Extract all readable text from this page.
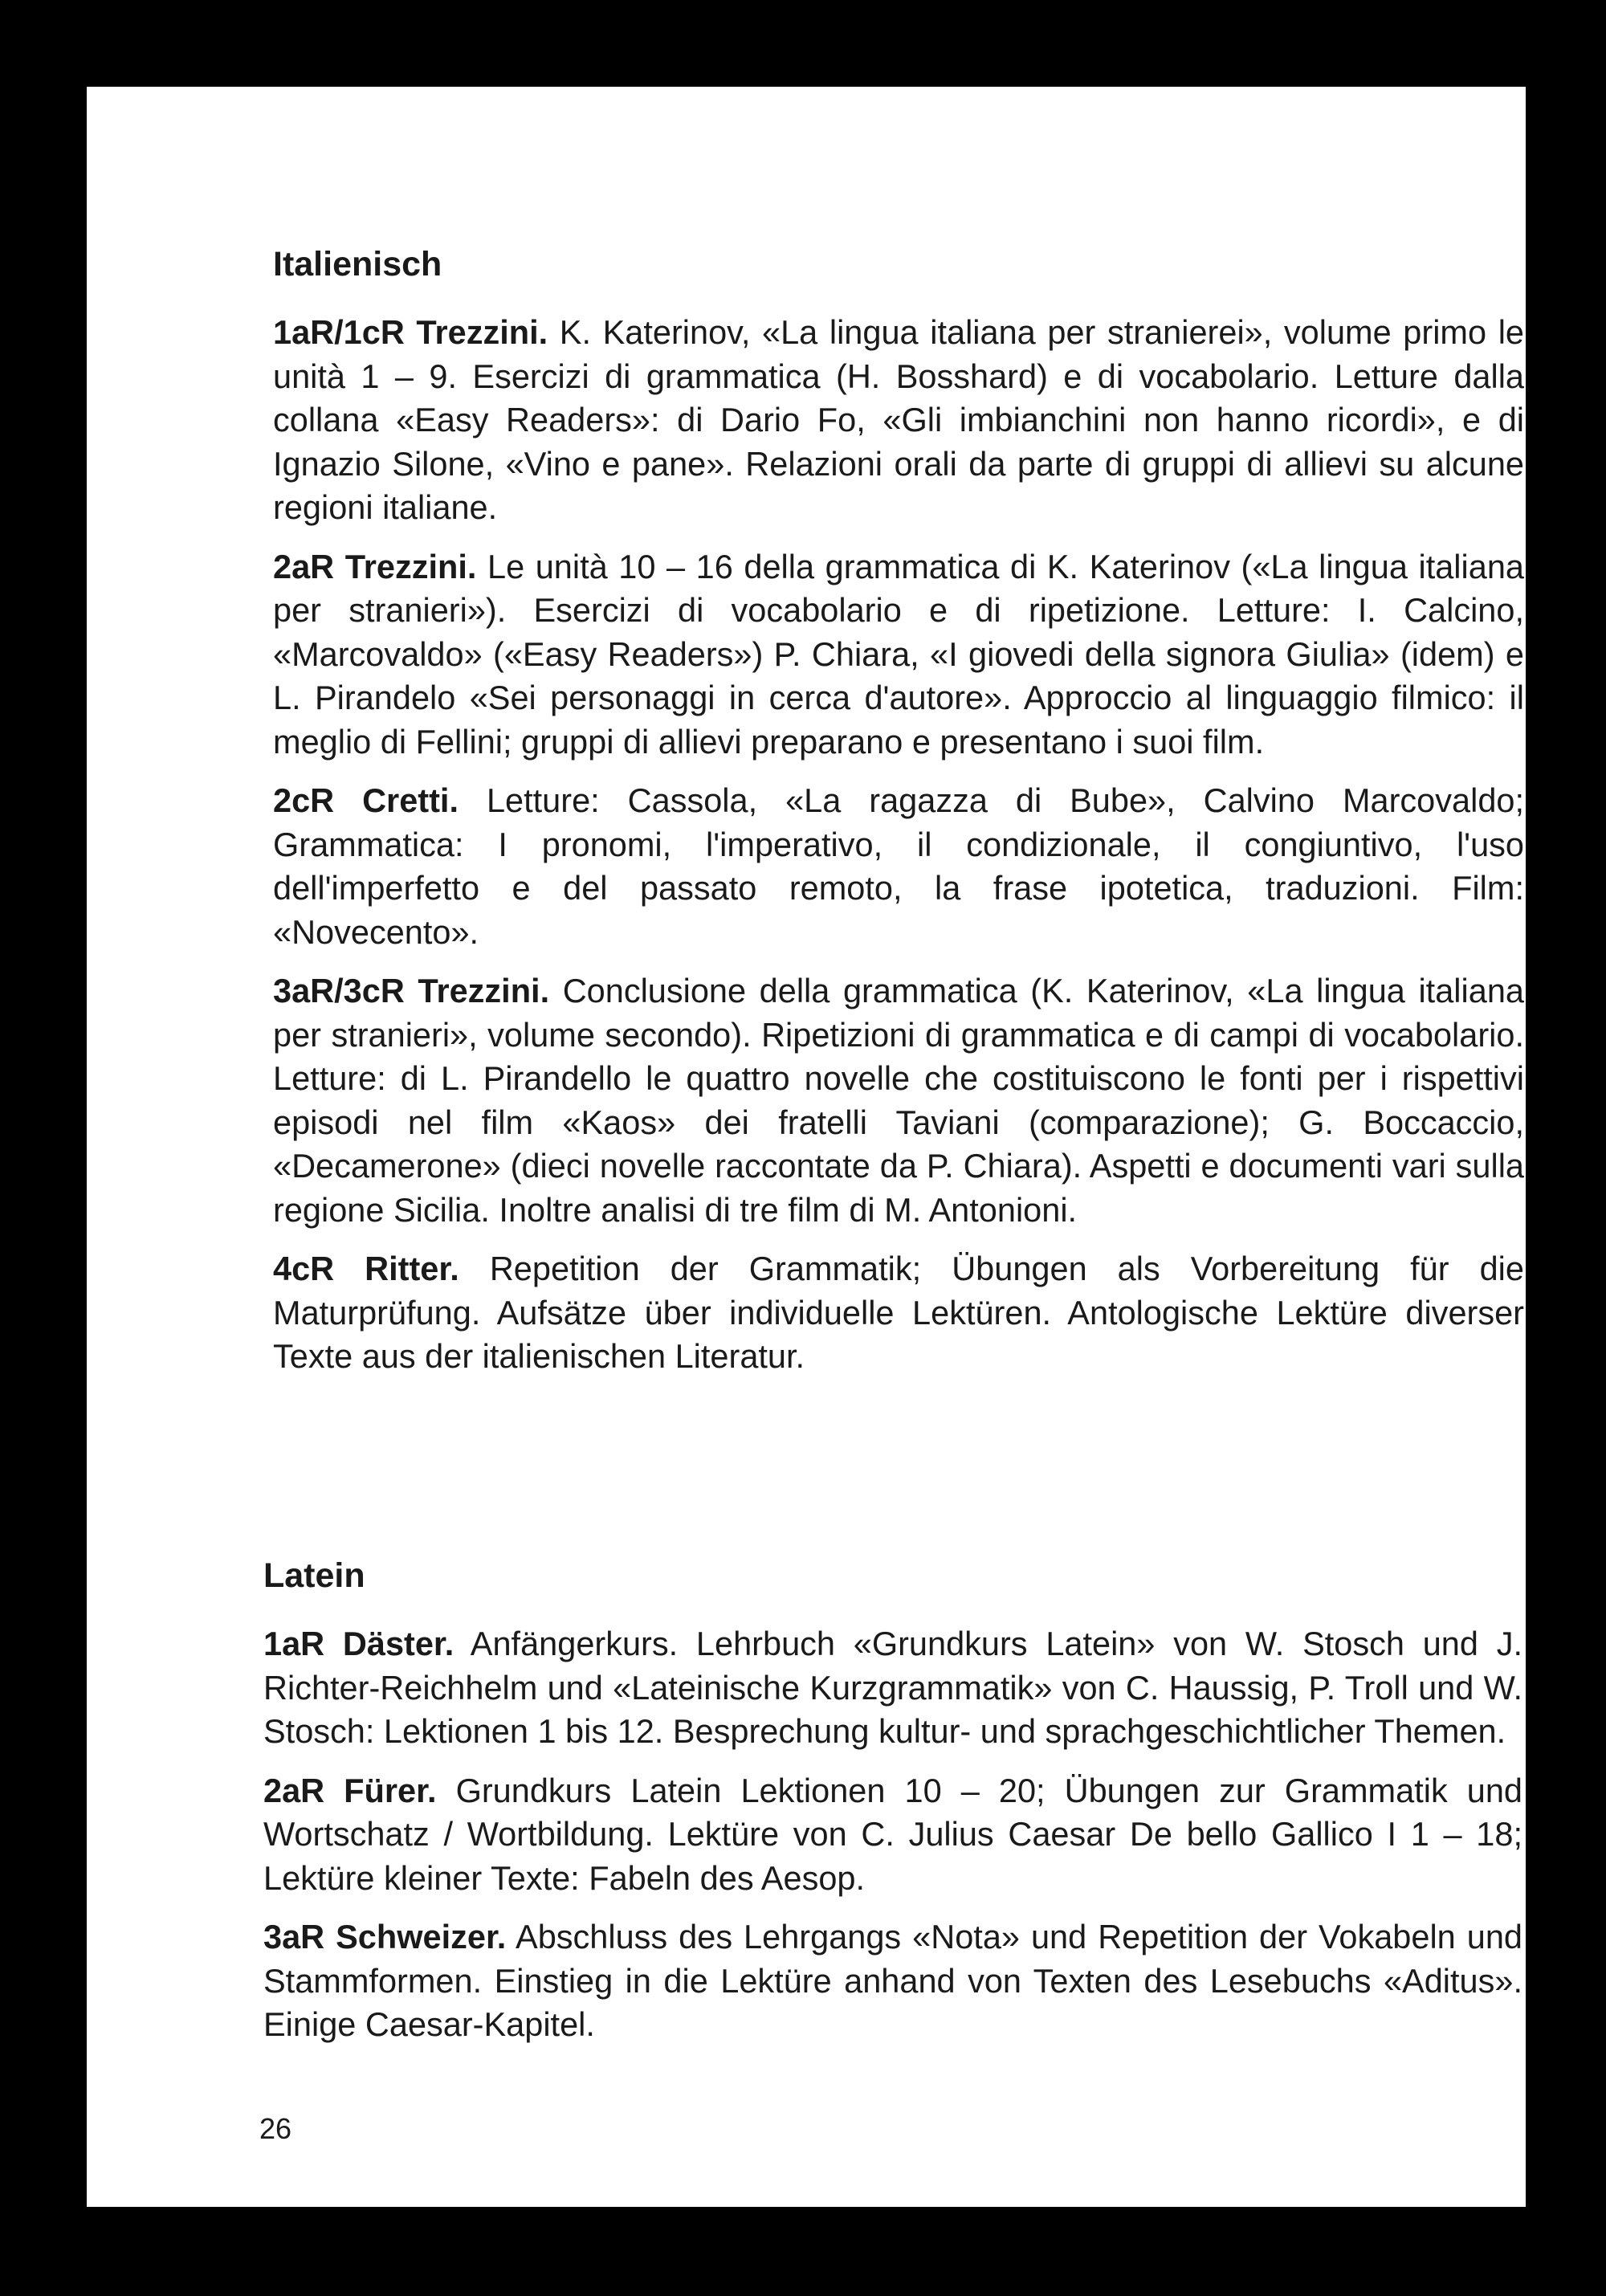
Italienisch

1aR/1cR Trezzini. K. Katerinov, «La lingua italiana per stranierei», volume primo le unità 1 – 9. Esercizi di grammatica (H. Bosshard) e di vocabolario. Letture dalla collana «Easy Readers»: di Dario Fo, «Gli imbianchini non hanno ricordi», e di Ignazio Silone, «Vino e pane». Relazioni orali da parte di gruppi di allievi su alcune regioni italiane.

2aR Trezzini. Le unità 10 – 16 della grammatica di K. Katerinov («La lingua italiana per stranieri»). Esercizi di vocabolario e di ripetizione. Letture: I. Calcino, «Marcovaldo» («Easy Readers») P. Chiara, «I giovedi della signora Giulia» (idem) e L. Pirandelo «Sei personaggi in cerca d'autore». Approccio al linguaggio filmico: il meglio di Fellini; gruppi di allievi preparano e presentano i suoi film.

2cR Cretti. Letture: Cassola, «La ragazza di Bube», Calvino Marcovaldo; Grammatica: I pronomi, l'imperativo, il condizionale, il congiuntivo, l'uso dell'imperfetto e del passato remoto, la frase ipotetica, traduzioni. Film: «Novecento».

3aR/3cR Trezzini. Conclusione della grammatica (K. Katerinov, «La lingua italiana per stranieri», volume secondo). Ripetizioni di grammatica e di campi di vocabolario. Letture: di L. Pirandello le quattro novelle che costituiscono le fonti per i rispettivi episodi nel film «Kaos» dei fratelli Taviani (comparazione); G. Boccaccio, «Decamerone» (dieci novelle raccontate da P. Chiara). Aspetti e documenti vari sulla regione Sicilia. Inoltre analisi di tre film di M. Antonioni.

4cR Ritter. Repetition der Grammatik; Übungen als Vorbereitung für die Maturprüfung. Aufsätze über individuelle Lektüren. Antologische Lektüre diverser Texte aus der italienischen Literatur.

Latein

1aR Däster. Anfängerkurs. Lehrbuch «Grundkurs Latein» von W. Stosch und J. Richter-Reichhelm und «Lateinische Kurzgrammatik» von C. Haussig, P. Troll und W. Stosch: Lektionen 1 bis 12. Besprechung kultur- und sprachgeschichtlicher Themen.

2aR Fürer. Grundkurs Latein Lektionen 10 – 20; Übungen zur Grammatik und Wortschatz / Wortbildung. Lektüre von C. Julius Caesar De bello Gallico I 1 – 18; Lektüre kleiner Texte: Fabeln des Aesop.

3aR Schweizer. Abschluss des Lehrgangs «Nota» und Repetition der Vokabeln und Stammformen. Einstieg in die Lektüre anhand von Texten des Lesebuchs «Aditus». Einige Caesar-Kapitel.

26
